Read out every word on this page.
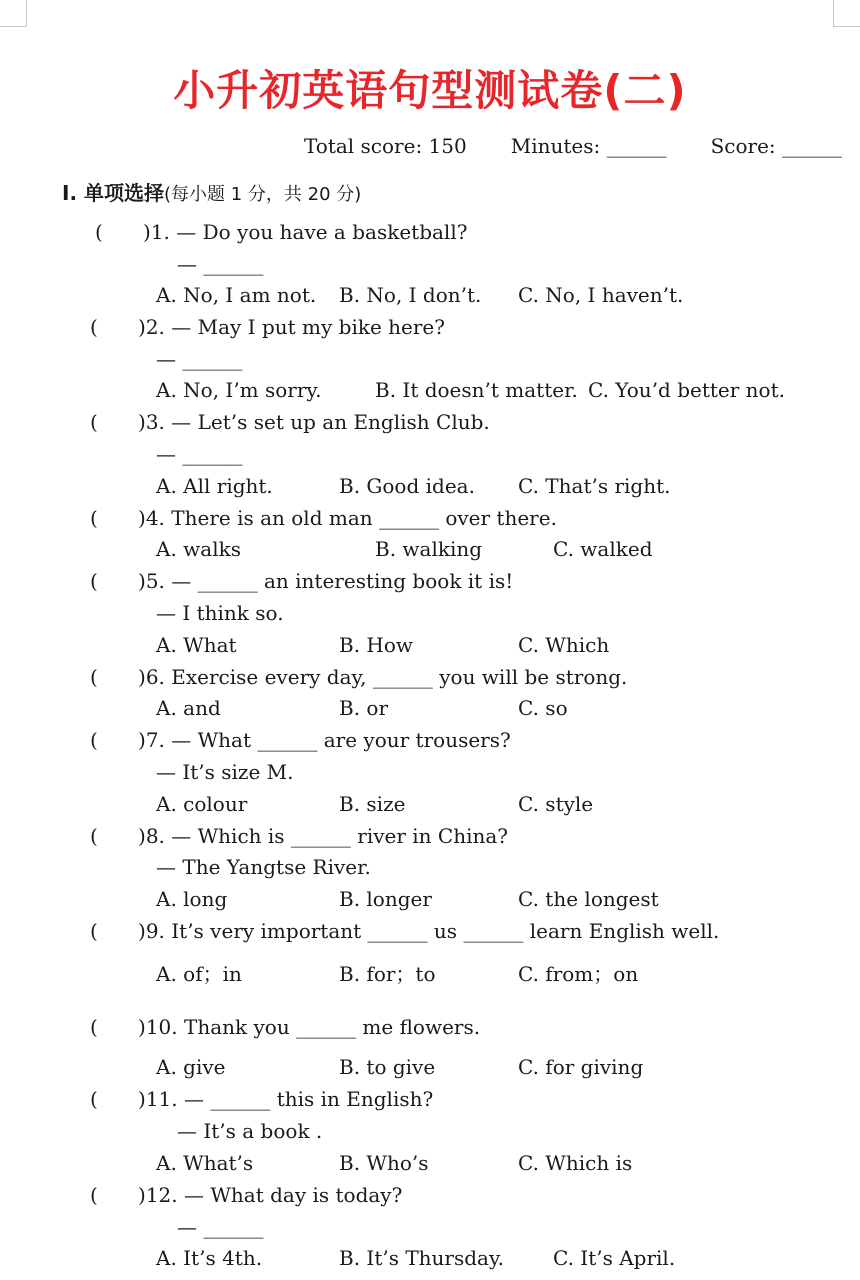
小升初英语句型测试卷(二)
Total score: 150 Minutes: ______ Score: ______
Ⅰ. 单项选择(每小题 1 分，共 20 分)
( )1. — Do you have a basketball?
— ______
A. No, I am not. B. No, I don’t. C. No, I haven’t.
( )2. — May I put my bike here?
— ______
A. No, I’m sorry.	B. It doesn’t matter. C. You’d better not.
( )3. — Let’s set up an English Club.
— ______
A. All right.	B. Good idea. C. That’s right.
( )4. There is an old man ______ over there.
A. walks	B. walking	C. walked
( )5. — ______ an interesting book it is!
— I think so.
A. What	B. How	C. Which
( )6. Exercise every day, ______ you will be strong.
A. and	B. or	C. so
( )7. — What ______ are your trousers?
— It’s size M.
A. colour	B. size	C. style
( )8. — Which is ______ river in China?
— The Yangtse River.
A. long	B. longer	C. the longest
( )9. It’s very important ______ us ______ learn English well.
A. of；in	B. for；to	C. from；on
( )10. Thank you ______ me flowers.
A. give	B. to give	C. for giving
( )11. — ______ this in English?
— It’s a book .
A. What’s	B. Who’s	C. Which is
( )12. — What day is today?
— ______
A. It’s 4th.	B. It’s Thursday. C. It’s April.
